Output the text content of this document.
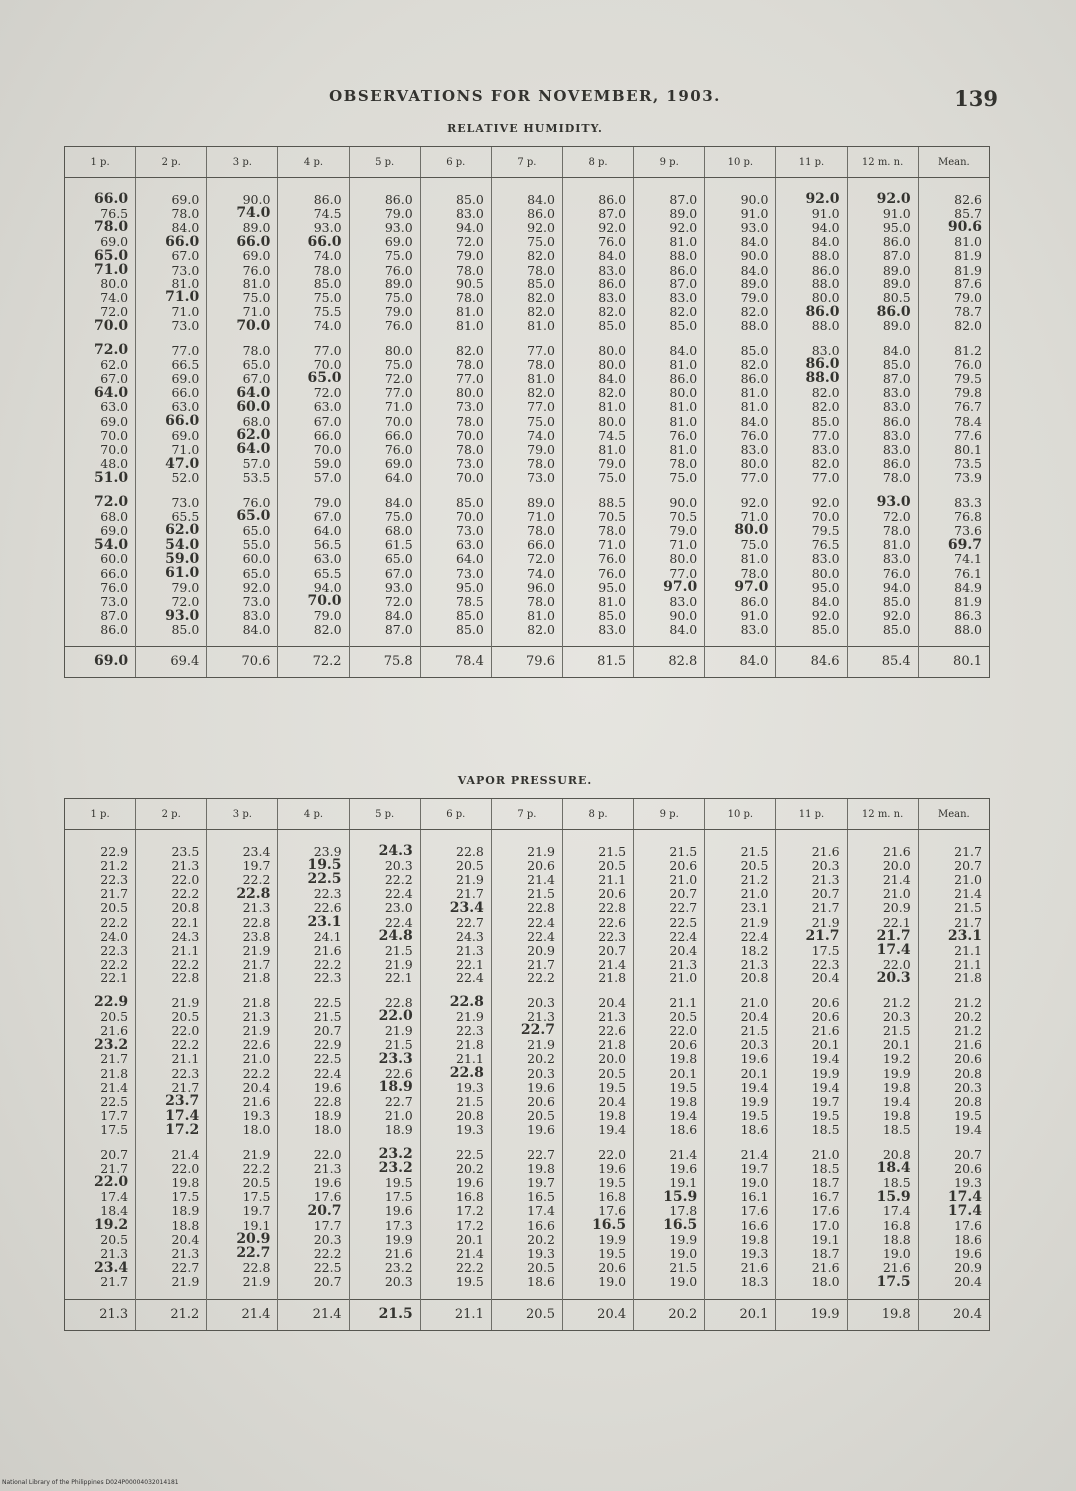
OBSERVATIONS FOR NOVEMBER, 1903.	139
RELATIVE HUMIDITY.
1 p.	2 p.	3 p.	4 p.	5 p.	6 p.	7 p.	8 p.	9 p.	10 p.	11 p.	12 m. n.	Mean.
66.0	69.0	90.0	86.0	86.0	85.0	84.0	86.0	87.0	90.0	92.0	92.0	82.6
76.5	78.0	74.0	74.5	79.0	83.0	86.0	87.0	89.0	91.0	91.0	91.0	85.7
78.0	84.0	89.0	93.0	93.0	94.0	92.0	92.0	92.0	93.0	94.0	95.0	90.6
69.0	66.0	66.0	66.0	69.0	72.0	75.0	76.0	81.0	84.0	84.0	86.0	81.0
65.0	67.0	69.0	74.0	75.0	79.0	82.0	84.0	88.0	90.0	88.0	87.0	81.9
71.0	73.0	76.0	78.0	76.0	78.0	78.0	83.0	86.0	84.0	86.0	89.0	81.9
80.0	81.0	81.0	85.0	89.0	90.5	85.0	86.0	87.0	89.0	88.0	89.0	87.6
74.0	71.0	75.0	75.0	75.0	78.0	82.0	83.0	83.0	79.0	80.0	80.5	79.0
72.0	71.0	71.0	75.5	79.0	81.0	82.0	82.0	82.0	82.0	86.0	86.0	78.7
70.0	73.0	70.0	74.0	76.0	81.0	81.0	85.0	85.0	88.0	88.0	89.0	82.0
72.0	77.0	78.0	77.0	80.0	82.0	77.0	80.0	84.0	85.0	83.0	84.0	81.2
62.0	66.5	65.0	70.0	75.0	78.0	78.0	80.0	81.0	82.0	86.0	85.0	76.0
67.0	69.0	67.0	65.0	72.0	77.0	81.0	84.0	86.0	86.0	88.0	87.0	79.5
64.0	66.0	64.0	72.0	77.0	80.0	82.0	82.0	80.0	81.0	82.0	83.0	79.8
63.0	63.0	60.0	63.0	71.0	73.0	77.0	81.0	81.0	81.0	82.0	83.0	76.7
69.0	66.0	68.0	67.0	70.0	78.0	75.0	80.0	81.0	84.0	85.0	86.0	78.4
70.0	69.0	62.0	66.0	66.0	70.0	74.0	74.5	76.0	76.0	77.0	83.0	77.6
70.0	71.0	64.0	70.0	76.0	78.0	79.0	81.0	81.0	83.0	83.0	83.0	80.1
48.0	47.0	57.0	59.0	69.0	73.0	78.0	79.0	78.0	80.0	82.0	86.0	73.5
51.0	52.0	53.5	57.0	64.0	70.0	73.0	75.0	75.0	77.0	77.0	78.0	73.9
72.0	73.0	76.0	79.0	84.0	85.0	89.0	88.5	90.0	92.0	92.0	93.0	83.3
68.0	65.5	65.0	67.0	75.0	70.0	71.0	70.5	70.5	71.0	70.0	72.0	76.8
69.0	62.0	65.0	64.0	68.0	73.0	78.0	78.0	79.0	80.0	79.5	78.0	73.6
54.0	54.0	55.0	56.5	61.5	63.0	66.0	71.0	71.0	75.0	76.5	81.0	69.7
60.0	59.0	60.0	63.0	65.0	64.0	72.0	76.0	80.0	81.0	83.0	83.0	74.1
66.0	61.0	65.0	65.5	67.0	73.0	74.0	76.0	77.0	78.0	80.0	76.0	76.1
76.0	79.0	92.0	94.0	93.0	95.0	96.0	95.0	97.0	97.0	95.0	94.0	84.9
73.0	72.0	73.0	70.0	72.0	78.5	78.0	81.0	83.0	86.0	84.0	85.0	81.9
87.0	93.0	83.0	79.0	84.0	85.0	81.0	85.0	90.0	91.0	92.0	92.0	86.3
86.0	85.0	84.0	82.0	87.0	85.0	82.0	83.0	84.0	83.0	85.0	85.0	88.0
69.0	69.4	70.6	72.2	75.8	78.4	79.6	81.5	82.8	84.0	84.6	85.4	80.1
VAPOR PRESSURE.
1 p.	2 p.	3 p.	4 p.	5 p.	6 p.	7 p.	8 p.	9 p.	10 p.	11 p.	12 m. n.	Mean.
22.9	23.5	23.4	23.9	24.3	22.8	21.9	21.5	21.5	21.5	21.6	21.6	21.7
21.2	21.3	19.7	19.5	20.3	20.5	20.6	20.5	20.6	20.5	20.3	20.0	20.7
22.3	22.0	22.2	22.5	22.2	21.9	21.4	21.1	21.0	21.2	21.3	21.4	21.0
21.7	22.2	22.8	22.3	22.4	21.7	21.5	20.6	20.7	21.0	20.7	21.0	21.4
20.5	20.8	21.3	22.6	23.0	23.4	22.8	22.8	22.7	23.1	21.7	20.9	21.5
22.2	22.1	22.8	23.1	22.4	22.7	22.4	22.6	22.5	21.9	21.9	22.1	21.7
24.0	24.3	23.8	24.1	24.8	24.3	22.4	22.3	22.4	22.4	21.7	21.7	23.1
22.3	21.1	21.9	21.6	21.5	21.3	20.9	20.7	20.4	18.2	17.5	17.4	21.1
22.2	22.2	21.7	22.2	21.9	22.1	21.7	21.4	21.3	21.3	22.3	22.0	21.1
22.1	22.8	21.8	22.3	22.1	22.4	22.2	21.8	21.0	20.8	20.4	20.3	21.8
22.9	21.9	21.8	22.5	22.8	22.8	20.3	20.4	21.1	21.0	20.6	21.2	21.2
20.5	20.5	21.3	21.5	22.0	21.9	21.3	21.3	20.5	20.4	20.6	20.3	20.2
21.6	22.0	21.9	20.7	21.9	22.3	22.7	22.6	22.0	21.5	21.6	21.5	21.2
23.2	22.2	22.6	22.9	21.5	21.8	21.9	21.8	20.6	20.3	20.1	20.1	21.6
21.7	21.1	21.0	22.5	23.3	21.1	20.2	20.0	19.8	19.6	19.4	19.2	20.6
21.8	22.3	22.2	22.4	22.6	22.8	20.3	20.5	20.1	20.1	19.9	19.9	20.8
21.4	21.7	20.4	19.6	18.9	19.3	19.6	19.5	19.5	19.4	19.4	19.8	20.3
22.5	23.7	21.6	22.8	22.7	21.5	20.6	20.4	19.8	19.9	19.7	19.4	20.8
17.7	17.4	19.3	18.9	21.0	20.8	20.5	19.8	19.4	19.5	19.5	19.8	19.5
17.5	17.2	18.0	18.0	18.9	19.3	19.6	19.4	18.6	18.6	18.5	18.5	19.4
20.7	21.4	21.9	22.0	23.2	22.5	22.7	22.0	21.4	21.4	21.0	20.8	20.7
21.7	22.0	22.2	21.3	23.2	20.2	19.8	19.6	19.6	19.7	18.5	18.4	20.6
22.0	19.8	20.5	19.6	19.5	19.6	19.7	19.5	19.1	19.0	18.7	18.5	19.3
17.4	17.5	17.5	17.6	17.5	16.8	16.5	16.8	15.9	16.1	16.7	15.9	17.4
18.4	18.9	19.7	20.7	19.6	17.2	17.4	17.6	17.8	17.6	17.6	17.4	17.4
19.2	18.8	19.1	17.7	17.3	17.2	16.6	16.5	16.5	16.6	17.0	16.8	17.6
20.5	20.4	20.9	20.3	19.9	20.1	20.2	19.9	19.9	19.8	19.1	18.8	18.6
21.3	21.3	22.7	22.2	21.6	21.4	19.3	19.5	19.0	19.3	18.7	19.0	19.6
23.4	22.7	22.8	22.5	23.2	22.2	20.5	20.6	21.5	21.6	21.6	21.6	20.9
21.7	21.9	21.9	20.7	20.3	19.5	18.6	19.0	19.0	18.3	18.0	17.5	20.4
21.3	21.2	21.4	21.4	21.5	21.1	20.5	20.4	20.2	20.1	19.9	19.8	20.4
National Library of the Philippines D024P00004032014181
